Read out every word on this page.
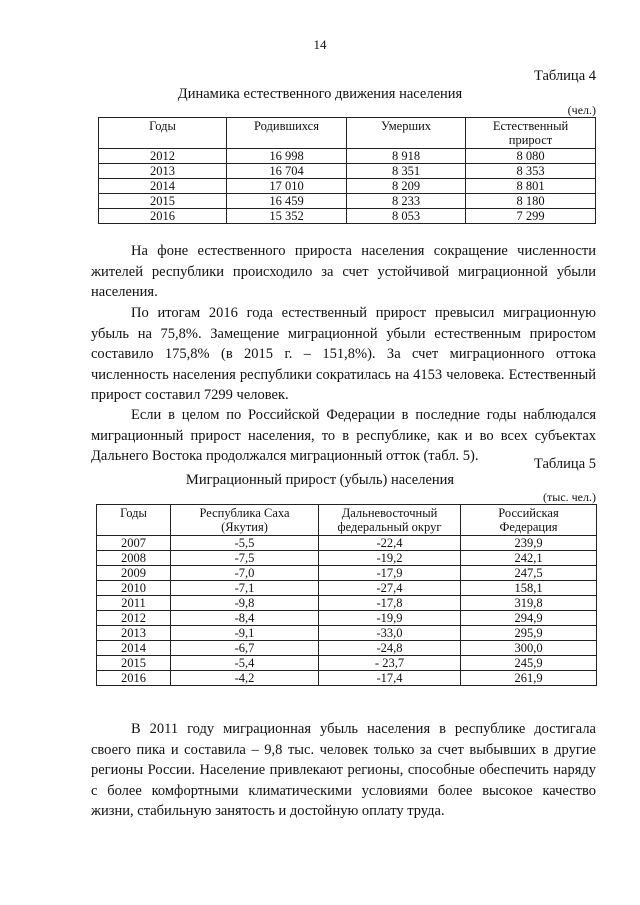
14
Таблица 4
Динамика естественного движения населения
(чел.)
Годы	Родившихся	Умерших	Естественный прирост
2012	16 998	8 918	8 080
2013	16 704	8 351	8 353
2014	17 010	8 209	8 801
2015	16 459	8 233	8 180
2016	15 352	8 053	7 299

На фоне естественного прироста населения сокращение численности жителей республики происходило за счет устойчивой миграционной убыли населения.

По итогам 2016 года естественный прирост превысил миграционную убыль на 75,8%. Замещение миграционной убыли естественным приростом составило 175,8% (в 2015 г. – 151,8%). За счет миграционного оттока численность населения республики сократилась на 4153 человека. Естественный прирост составил 7299 человек.

Если в целом по Российской Федерации в последние годы наблюдался миграционный прирост населения, то в республике, как и во всех субъектах Дальнего Востока продолжался миграционный отток (табл. 5).	Таблица 5
Миграционный прирост (убыль) населения
(тыс. чел.)
Годы	Республика Саха (Якутия)	Дальневосточный федеральный округ	Российская Федерация
2007	-5,5	-22,4	239,9
2008	-7,5	-19,2	242,1
2009	-7,0	-17,9	247,5
2010	-7,1	-27,4	158,1
2011	-9,8	-17,8	319,8
2012	-8,4	-19,9	294,9
2013	-9,1	-33,0	295,9
2014	-6,7	-24,8	300,0
2015	-5,4	- 23,7	245,9
2016	-4,2	-17,4	261,9

В 2011 году миграционная убыль населения в республике достигала своего пика и составила – 9,8 тыс. человек только за счет выбывших в другие регионы России. Население привлекают регионы, способные обеспечить наряду с более комфортными климатическими условиями более высокое качество жизни, стабильную занятость и достойную оплату труда.
